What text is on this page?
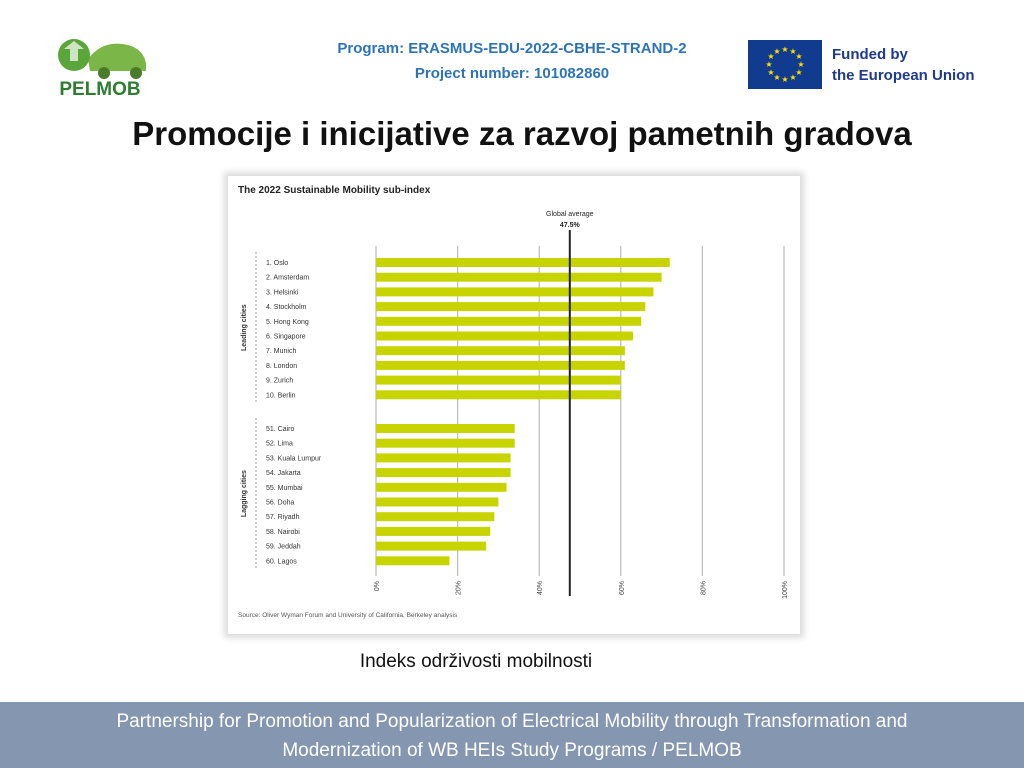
PELMOB
Program: ERASMUS-EDU-2022-CBHE-STRAND-2
Project number: 101082860
★ ★
★
★
★
★
★
★
★
★
★
★	Funded by
the European Union
Promocije i inicijative za razvoj pametnih gradova
The 2022 Sustainable Mobility sub-index
0%	20%	40%	60%	80%	100%
Leading cities
1. Oslo
2. Amsterdam
3. Helsinki
4. Stockholm
5. Hong Kong
6. Singapore
7. Munich
8. London
9. Zurich
10. Berlin
Lagging cities
51. Cairo
52. Lima
53. Kuala Lumpur
54. Jakarta
55. Mumbai
56. Doha
57. Riyadh
58. Nairobi
59. Jeddah
60. Lagos
Global average
47.5%
Source: Oliver Wyman Forum and University of California, Berkeley analysis
Indeks održivosti mobilnosti
Partnership for Promotion and Popularization of Electrical Mobility through Transformation and
Modernization of WB HEIs Study Programs / PELMOB
